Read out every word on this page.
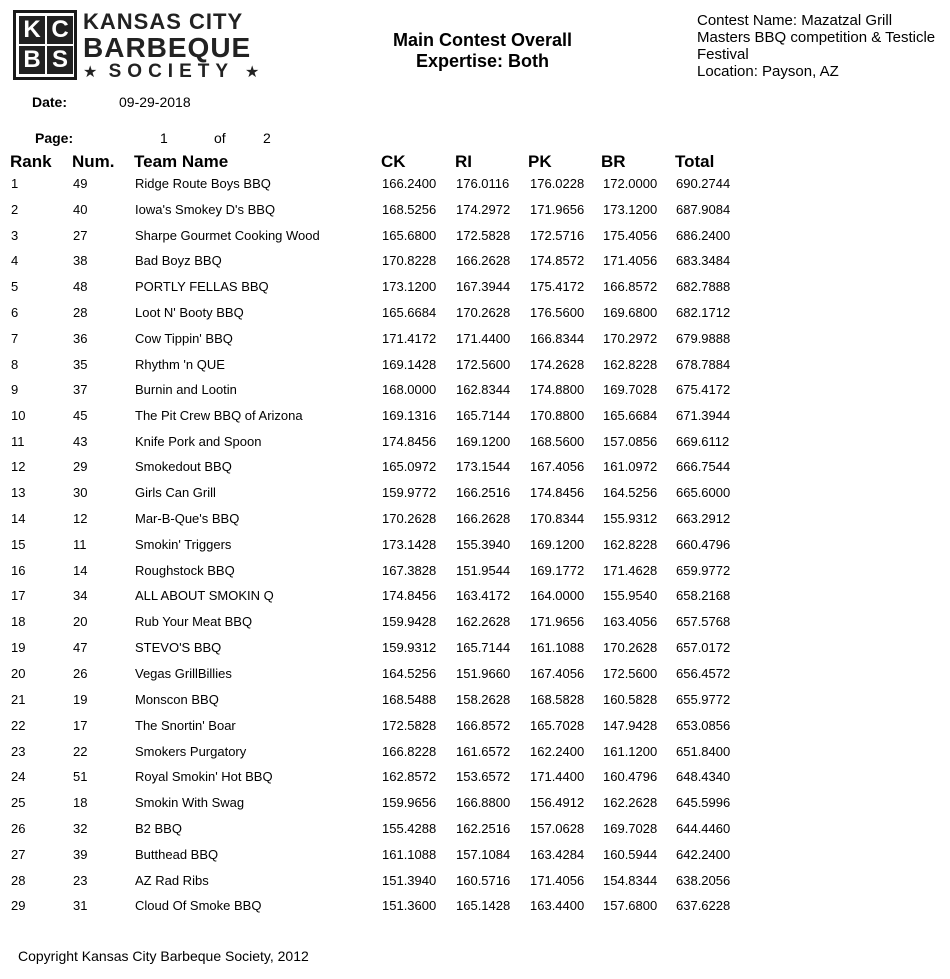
K C
B S
KANSAS CITY
BARBEQUE
★ SOCIETY ★
Main Contest Overall
Expertise: Both
Contest Name: Mazatzal Grill
Masters BBQ competition & Testicle
Festival
Location: Payson, AZ
Date:	09-29-2018
Page:	1	of	2
Rank Num. Team Name	CK	RI	PK	BR	Total
1	49	Ridge Route Boys BBQ	166.2400 176.0116 176.0228 172.0000 690.2744
2	40	Iowa's Smokey D's BBQ	168.5256 174.2972 171.9656 173.1200 687.9084
3	27	Sharpe Gourmet Cooking Wood	165.6800 172.5828 172.5716 175.4056 686.2400
4	38	Bad Boyz BBQ	170.8228 166.2628 174.8572 171.4056 683.3484
5	48	PORTLY FELLAS BBQ	173.1200 167.3944 175.4172 166.8572 682.7888
6	28	Loot N' Booty BBQ	165.6684 170.2628 176.5600 169.6800 682.1712
7	36	Cow Tippin' BBQ	171.4172 171.4400 166.8344 170.2972 679.9888
8	35	Rhythm 'n QUE	169.1428 172.5600 174.2628 162.8228 678.7884
9	37	Burnin and Lootin	168.0000 162.8344 174.8800 169.7028 675.4172
10	45	The Pit Crew BBQ of Arizona	169.1316 165.7144 170.8800 165.6684 671.3944
11	43	Knife Pork and Spoon	174.8456 169.1200 168.5600 157.0856 669.6112
12	29	Smokedout BBQ	165.0972 173.1544 167.4056 161.0972 666.7544
13	30	Girls Can Grill	159.9772 166.2516 174.8456 164.5256 665.6000
14	12	Mar-B-Que's BBQ	170.2628 166.2628 170.8344 155.9312 663.2912
15	11	Smokin' Triggers	173.1428 155.3940 169.1200 162.8228 660.4796
16	14	Roughstock BBQ	167.3828 151.9544 169.1772 171.4628 659.9772
17	34	ALL ABOUT SMOKIN Q	174.8456 163.4172 164.0000 155.9540 658.2168
18	20	Rub Your Meat BBQ	159.9428 162.2628 171.9656 163.4056 657.5768
19	47	STEVO'S BBQ	159.9312 165.7144 161.1088 170.2628 657.0172
20	26	Vegas GrillBillies	164.5256 151.9660 167.4056 172.5600 656.4572
21	19	Monscon BBQ	168.5488 158.2628 168.5828 160.5828 655.9772
22	17	The Snortin' Boar	172.5828 166.8572 165.7028 147.9428 653.0856
23	22	Smokers Purgatory	166.8228 161.6572 162.2400 161.1200 651.8400
24	51	Royal Smokin' Hot BBQ	162.8572 153.6572 171.4400 160.4796 648.4340
25	18	Smokin With Swag	159.9656 166.8800 156.4912 162.2628 645.5996
26	32	B2 BBQ	155.4288 162.2516 157.0628 169.7028 644.4460
27	39	Butthead BBQ	161.1088 157.1084 163.4284 160.5944 642.2400
28	23	AZ Rad Ribs	151.3940 160.5716 171.4056 154.8344 638.2056
29	31	Cloud Of Smoke BBQ	151.3600 165.1428 163.4400 157.6800 637.6228
Copyright Kansas City Barbeque Society, 2012
